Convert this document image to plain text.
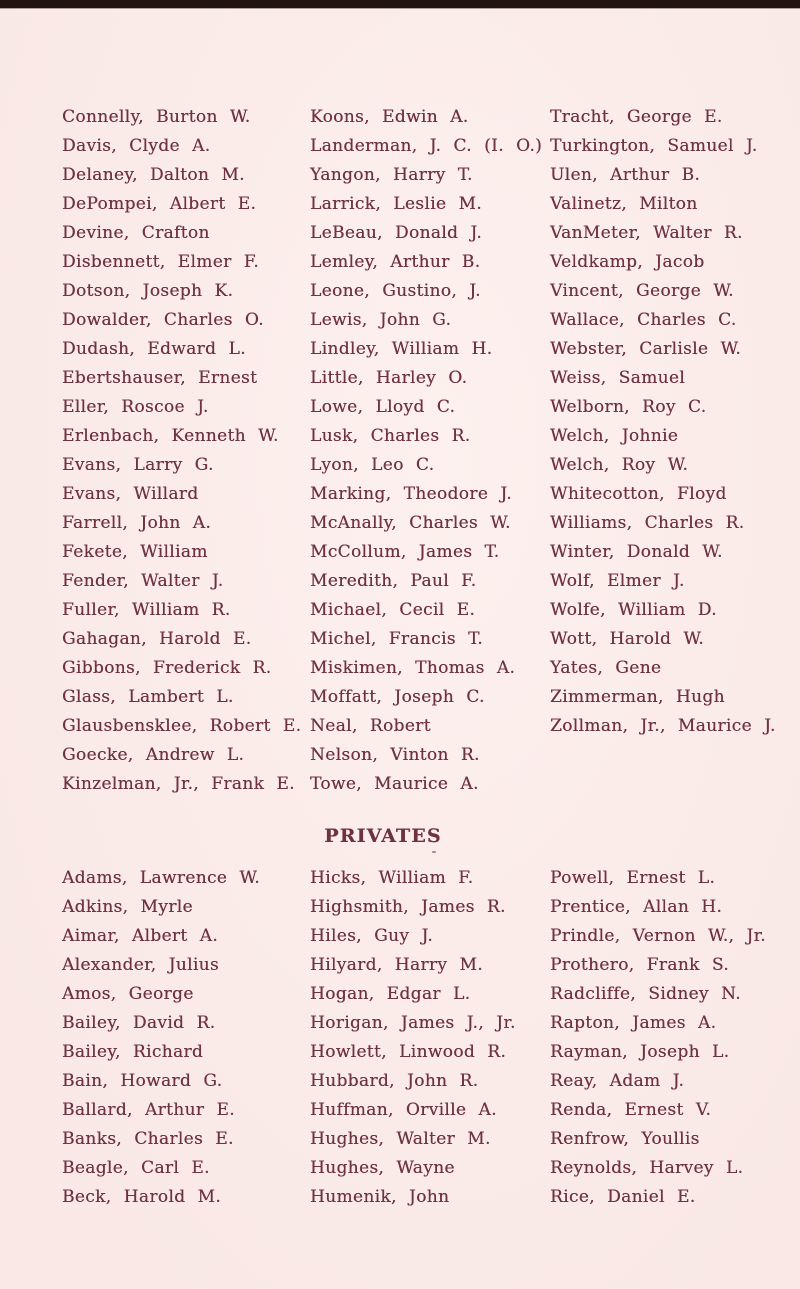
Connelly, Burton W.
Davis, Clyde A.
Delaney, Dalton M.
DePompei, Albert E.
Devine, Crafton
Disbennett, Elmer F.
Dotson, Joseph K.
Dowalder, Charles O.
Dudash, Edward L.
Ebertshauser, Ernest
Eller, Roscoe J.
Erlenbach, Kenneth W.
Evans, Larry G.
Evans, Willard
Farrell, John A.
Fekete, William
Fender, Walter J.
Fuller, William R.
Gahagan, Harold E.
Gibbons, Frederick R.
Glass, Lambert L.
Glausbensklee, Robert E.
Goecke, Andrew L.
Kinzelman, Jr., Frank E.
Koons, Edwin A.
Landerman, J. C. (I. O.)
Yangon, Harry T.
Larrick, Leslie M.
LeBeau, Donald J.
Lemley, Arthur B.
Leone, Gustino, J.
Lewis, John G.
Lindley, William H.
Little, Harley O.
Lowe, Lloyd C.
Lusk, Charles R.
Lyon, Leo C.
Marking, Theodore J.
McAnally, Charles W.
McCollum, James T.
Meredith, Paul F.
Michael, Cecil E.
Michel, Francis T.
Miskimen, Thomas A.
Moffatt, Joseph C.
Neal, Robert
Nelson, Vinton R.
Towe, Maurice A.
Tracht, George E.
Turkington, Samuel J.
Ulen, Arthur B.
Valinetz, Milton
VanMeter, Walter R.
Veldkamp, Jacob
Vincent, George W.
Wallace, Charles C.
Webster, Carlisle W.
Weiss, Samuel
Welborn, Roy C.
Welch, Johnie
Welch, Roy W.
Whitecotton, Floyd
Williams, Charles R.
Winter, Donald W.
Wolf, Elmer J.
Wolfe, William D.
Wott, Harold W.
Yates, Gene
Zimmerman, Hugh
Zollman, Jr., Maurice J.
PRIVATES
Adams, Lawrence W.
Adkins, Myrle
Aimar, Albert A.
Alexander, Julius
Amos, George
Bailey, David R.
Bailey, Richard
Bain, Howard G.
Ballard, Arthur E.
Banks, Charles E.
Beagle, Carl E.
Beck, Harold M.
Hicks, William F.
Highsmith, James R.
Hiles, Guy J.
Hilyard, Harry M.
Hogan, Edgar L.
Horigan, James J., Jr.
Howlett, Linwood R.
Hubbard, John R.
Huffman, Orville A.
Hughes, Walter M.
Hughes, Wayne
Humenik, John
Powell, Ernest L.
Prentice, Allan H.
Prindle, Vernon W., Jr.
Prothero, Frank S.
Radcliffe, Sidney N.
Rapton, James A.
Rayman, Joseph L.
Reay, Adam J.
Renda, Ernest V.
Renfrow, Youllis
Reynolds, Harvey L.
Rice, Daniel E.
